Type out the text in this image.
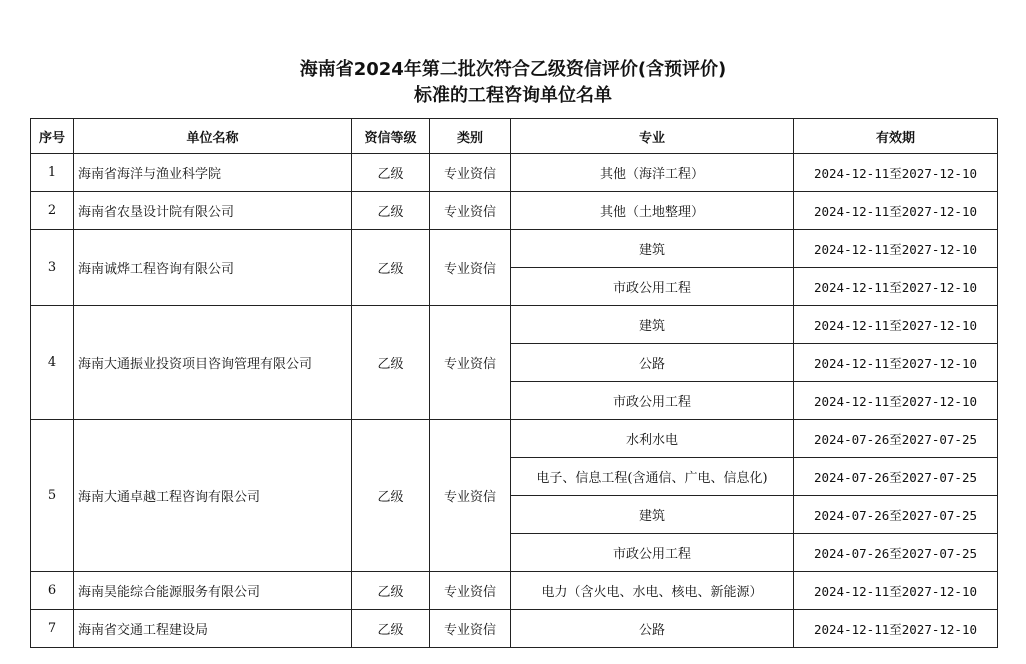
海南省2024年第二批次符合乙级资信评价(含预评价)
标准的工程咨询单位名单
序号	单位名称	资信等级	类别	专业	有效期
1	海南省海洋与渔业科学院	乙级	专业资信	其他（海洋工程）	2024-12-11至2027-12-10
2	海南省农垦设计院有限公司	乙级	专业资信	其他（土地整理）	2024-12-11至2027-12-10
3	海南诚烨工程咨询有限公司	乙级	专业资信	建筑	2024-12-11至2027-12-10
				市政公用工程	2024-12-11至2027-12-10
4	海南大通振业投资项目咨询管理有限公司	乙级	专业资信	建筑	2024-12-11至2027-12-10
				公路	2024-12-11至2027-12-10
				市政公用工程	2024-12-11至2027-12-10
5	海南大通卓越工程咨询有限公司	乙级	专业资信	水利水电	2024-07-26至2027-07-25
				电子、信息工程(含通信、广电、信息化)	2024-07-26至2027-07-25
				建筑	2024-07-26至2027-07-25
				市政公用工程	2024-07-26至2027-07-25
6	海南昊能综合能源服务有限公司	乙级	专业资信	电力（含火电、水电、核电、新能源）	2024-12-11至2027-12-10
7	海南省交通工程建设局	乙级	专业资信	公路	2024-12-11至2027-12-10
